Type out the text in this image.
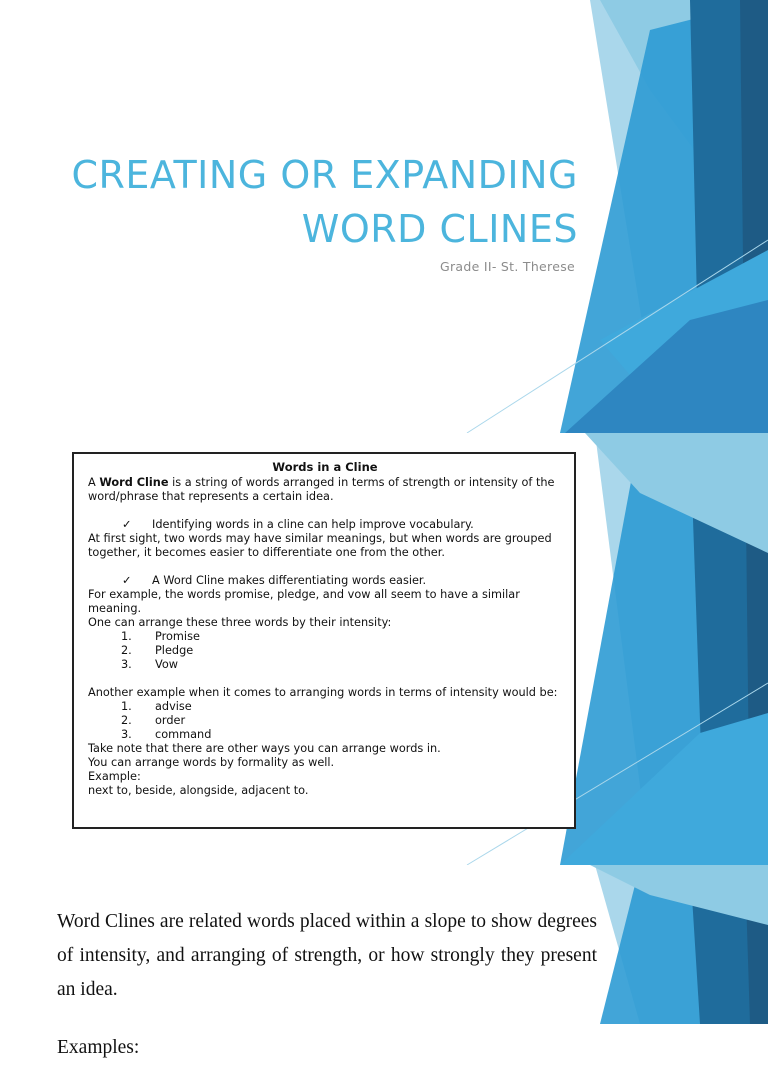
CREATING OR EXPANDING
WORD CLINES
Grade II- St. Therese
Words in a Cline

A Word Cline is a string of words arranged in terms of strength or intensity of the word/phrase that represents a certain idea.

✓ Identifying words in a cline can help improve vocabulary.

At first sight, two words may have similar meanings, but when words are grouped together, it becomes easier to differentiate one from the other.

✓ A Word Cline makes differentiating words easier.

For example, the words promise, pledge, and vow all seem to have a similar meaning.

One can arrange these three words by their intensity:

1. Promise

2. Pledge

3. Vow

Another example when it comes to arranging words in terms of intensity would be:

1. advise

2. order

3. command

Take note that there are other ways you can arrange words in.

You can arrange words by formality as well.

Example:

next to, beside, alongside, adjacent to.

Word Clines are related words placed within a slope to show degrees of intensity, and arranging of strength, or how strongly they present an idea.

Examples:
